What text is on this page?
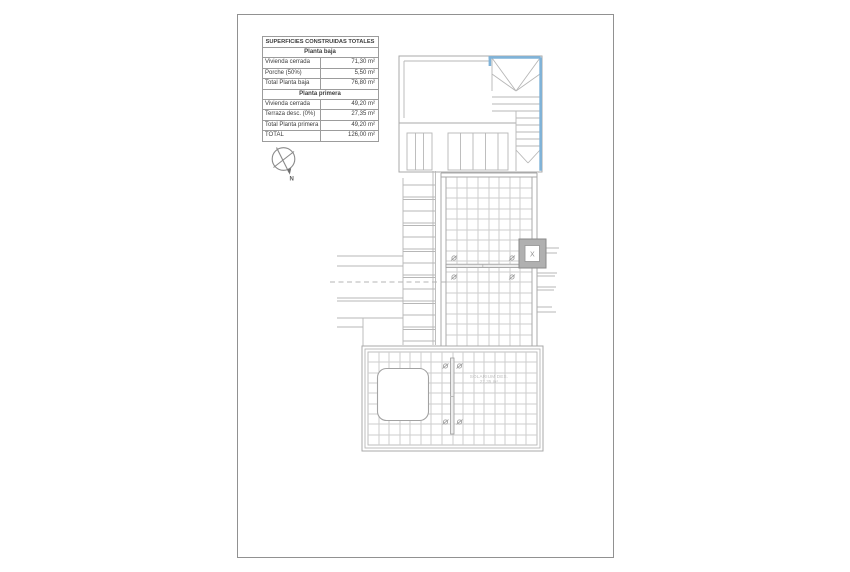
SUPERFICIES CONSTRUIDAS TOTALES	
Planta baja	
Vivienda cerrada	71,30 m²
Porche (50%)	5,50 m²
Total Planta baja	76,80 m²
Planta primera	
Vivienda cerrada	49,20 m²
Terraza desc. (0%)	27,35 m²
Total Planta primera	49,20 m²
TOTAL	126,00 m²
N
X
SOLARIUM DES.
27,35 m²
